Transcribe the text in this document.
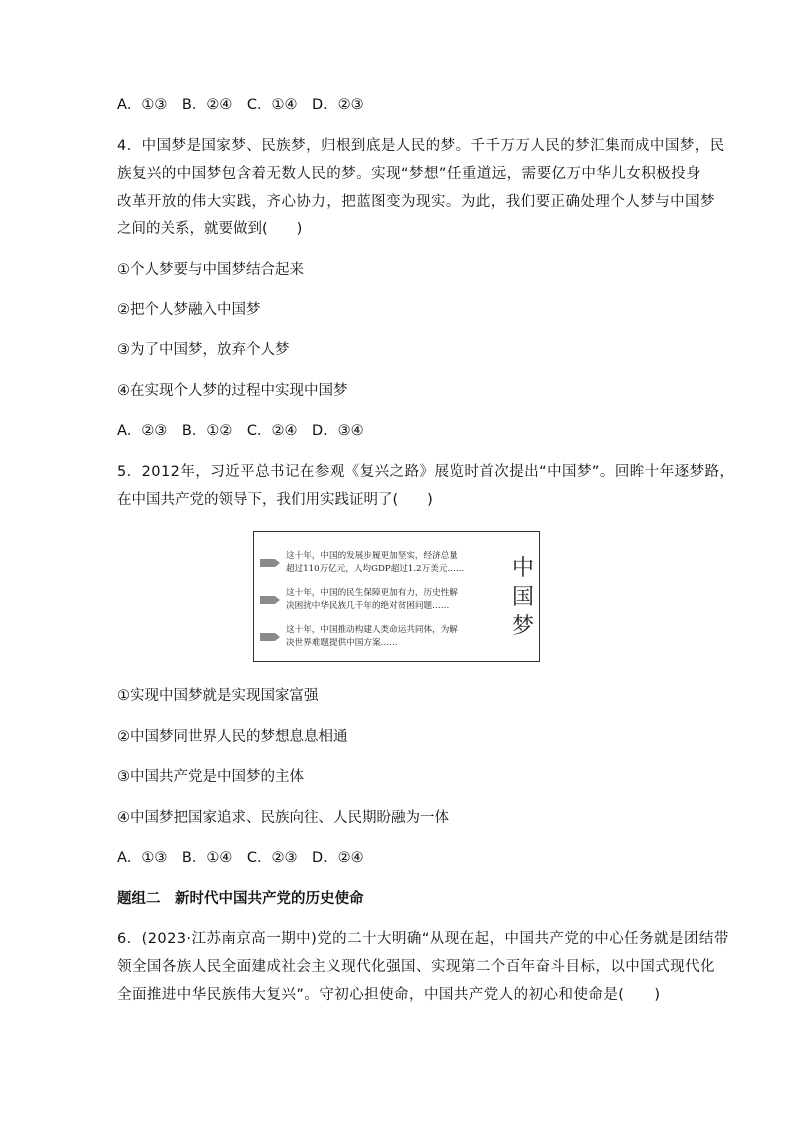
A．①③　B．②④　C．①④　D．②③
4．中国梦是国家梦、民族梦，归根到底是人民的梦。千千万万人民的梦汇集而成中国梦，民
族复兴的中国梦包含着无数人民的梦。实现“梦想”任重道远，需要亿万中华儿女积极投身
改革开放的伟大实践，齐心协力，把蓝图变为现实。为此，我们要正确处理个人梦与中国梦
之间的关系，就要做到(　　)
①个人梦要与中国梦结合起来
②把个人梦融入中国梦
③为了中国梦，放弃个人梦
④在实现个人梦的过程中实现中国梦
A．②③　B．①②　C．②④　D．③④
5．2012年，习近平总书记在参观《复兴之路》展览时首次提出“中国梦”。回眸十年逐梦路，
在中国共产党的领导下，我们用实践证明了(　　)
这十年，中国的发展步履更加坚实，经济总量
超过110万亿元，人均GDP超过1.2万美元……
这十年，中国的民生保障更加有力，历史性解
决困扰中华民族几千年的绝对贫困问题……
这十年，中国推动构建人类命运共同体，为解
决世界难题提供中国方案……
中
国
梦
①实现中国梦就是实现国家富强
②中国梦同世界人民的梦想息息相通
③中国共产党是中国梦的主体
④中国梦把国家追求、民族向往、人民期盼融为一体
A．①③　B．①④　C．②③　D．②④
题组二　新时代中国共产党的历史使命
6．(2023·江苏南京高一期中)党的二十大明确“从现在起，中国共产党的中心任务就是团结带
领全国各族人民全面建成社会主义现代化强国、实现第二个百年奋斗目标，以中国式现代化
全面推进中华民族伟大复兴”。守初心担使命，中国共产党人的初心和使命是(　　)
